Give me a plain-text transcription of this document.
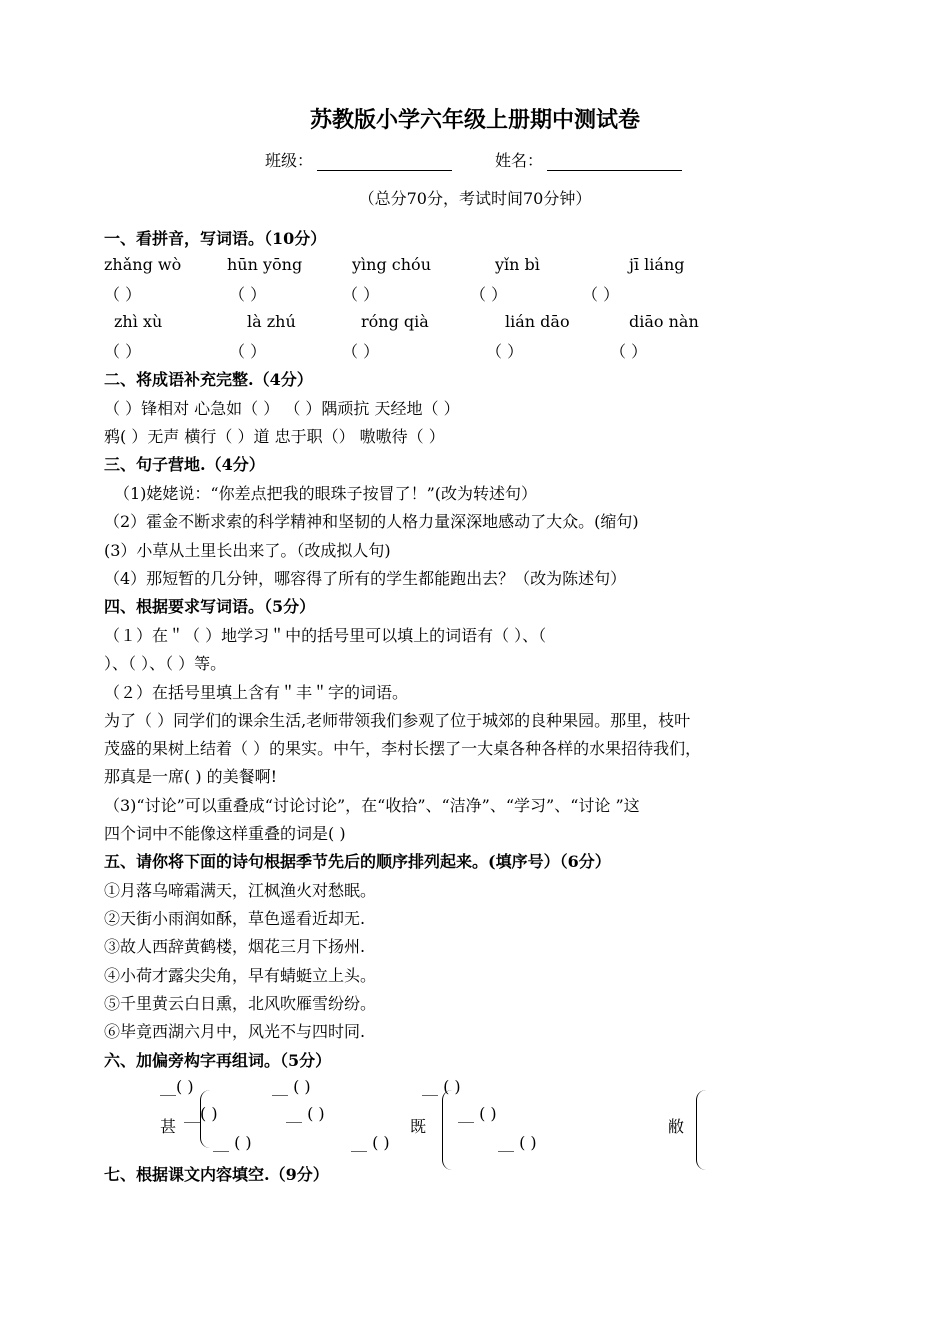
苏教版小学六年级上册期中测试卷
班级：	姓名：
（总分70分，考试时间70分钟）
一、看拼音，写词语。（10分）
zhǎng wò	hūn yōng	yìng chóu	yǐn bì	jī liáng
（ ）	（ ）	（ ）	（ ）	（ ）
zhì xù	là zhú	róng qià	lián dāo	diāo nàn
（ ）	（ ）	（ ）	（ ）	（ ）
二、将成语补充完整.（4分）
（ ）锋相对 心急如（ ） （ ）隅顽抗 天经地（ ）
鸦( ）无声 横行（ ）道 忠于职（） 嗷嗷待（ ）
三、句子营地.（4分）
（1)姥姥说：“你差点把我的眼珠子按冒了！”(改为转述句）
（2）霍金不断求索的科学精神和坚韧的人格力量深深地感动了大众。(缩句)
(3）小草从土里长出来了。（改成拟人句)
（4）那短暂的几分钟，哪容得了所有的学生都能跑出去？（改为陈述句）
四、根据要求写词语。（5分）
（１）在＂（ ）地学习＂中的括号里可以填上的词语有（ ）、（
）、（ ）、（ ）等。
（２）在括号里填上含有＂丰＂字的词语。
为了（ ）同学们的课余生活,老师带领我们参观了位于城郊的良种果园。那里，枝叶
茂盛的果树上结着（ ）的果实。中午，李村长摆了一大桌各种各样的水果招待我们，
那真是一席( ) 的美餐啊!
（3)“讨论”可以重叠成“讨论讨论”，在“收拾”、“洁净”、“学习”、“讨论 ”这
四个词中不能像这样重叠的词是( )
五、请你将下面的诗句根据季节先后的顺序排列起来。(填序号）（6分）
①月落乌啼霜满天，江枫渔火对愁眠。
②天街小雨润如酥，草色遥看近却无.
③故人西辞黄鹤楼，烟花三月下扬州.
④小荷才露尖尖角，早有蜻蜓立上头。
⑤千里黄云白日熏，北风吹雁雪纷纷。
⑥毕竟西湖六月中，风光不与四时同.
六、加偏旁构字再组词。（5分）
__( )	__ ( )
甚
__( )	__ ( )
__ ( )	__ ( )
__ ( )
既
__ ( )
__ ( )
敝
七、根据课文内容填空.（9分）
